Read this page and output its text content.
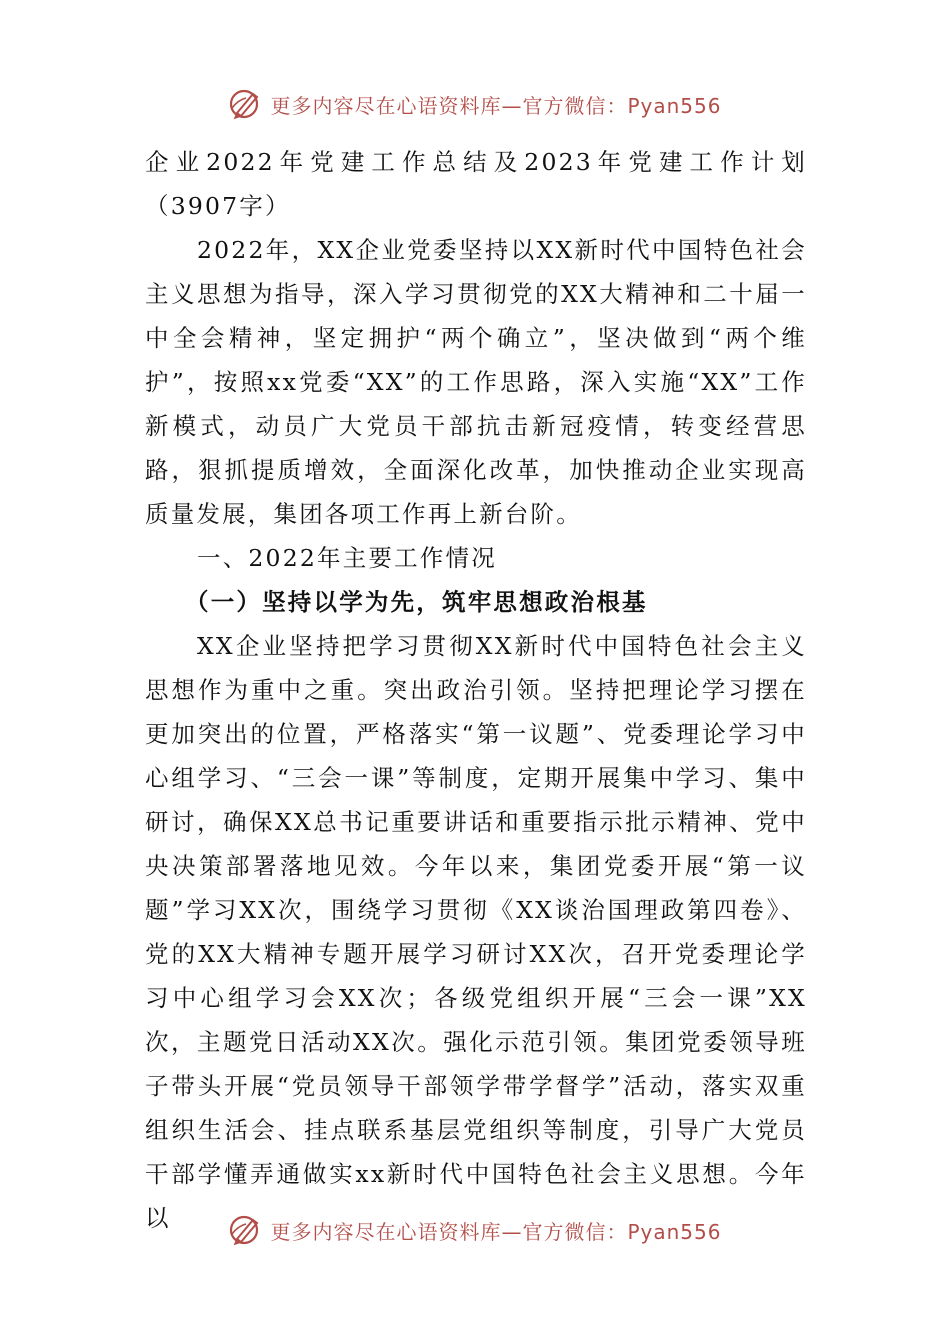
更多内容尽在心语资料库—官方微信：Pyan556

企业2022年党建工作总结及2023年党建工作计划（3907字）

2022年，XX企业党委坚持以XX新时代中国特色社会主义思想为指导，深入学习贯彻党的XX大精神和二十届一中全会精神，坚定拥护“两个确立”，坚决做到“两个维护”，按照xx党委“XX”的工作思路，深入实施“XX”工作新模式，动员广大党员干部抗击新冠疫情，转变经营思路，狠抓提质增效，全面深化改革，加快推动企业实现高质量发展，集团各项工作再上新台阶。

一、2022年主要工作情况

（一）坚持以学为先，筑牢思想政治根基

XX企业坚持把学习贯彻XX新时代中国特色社会主义思想作为重中之重。突出政治引领。坚持把理论学习摆在更加突出的位置，严格落实“第一议题”、党委理论学习中心组学习、“三会一课”等制度，定期开展集中学习、集中研讨，确保XX总书记重要讲话和重要指示批示精神、党中央决策部署落地见效。今年以来，集团党委开展“第一议题”学习XX次，围绕学习贯彻《XX谈治国理政第四卷》、党的XX大精神专题开展学习研讨XX次，召开党委理论学习中心组学习会XX次；各级党组织开展“三会一课”XX次，主题党日活动XX次。强化示范引领。集团党委领导班子带头开展“党员领导干部领学带学督学”活动，落实双重组织生活会、挂点联系基层党组织等制度，引导广大党员干部学懂弄通做实xx新时代中国特色社会主义思想。今年以	更多内容尽在心语资料库—官方微信：Pyan556
